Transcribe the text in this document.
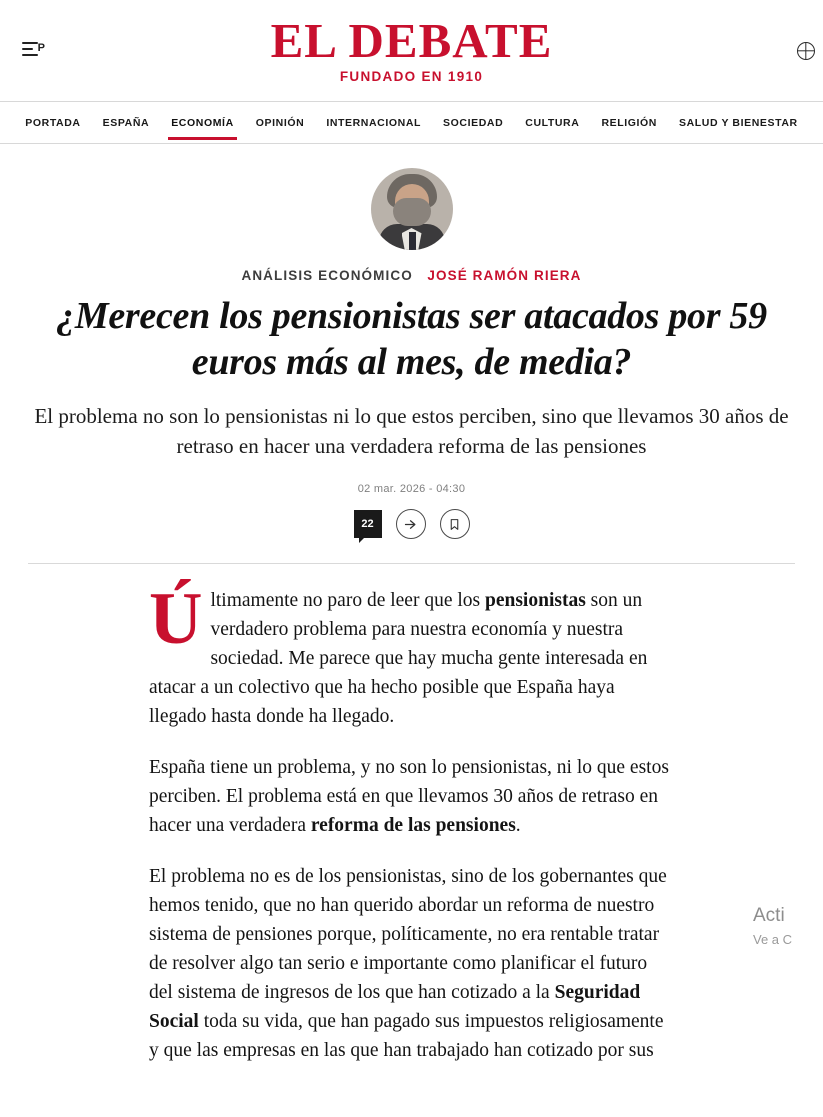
P	EL DEBATE
FUNDADO EN 1910
PORTADA	ESPAÑA	ECONOMÍA	OPINIÓN	INTERNACIONAL	SOCIEDAD	CULTURA	RELIGIÓN	SALUD Y BIENESTAR
ANÁLISIS ECONÓMICO JOSÉ RAMÓN RIERA
¿Merecen los pensionistas ser atacados por 59 euros más al mes, de media?
El problema no son lo pensionistas ni lo que estos perciben, sino que llevamos 30 años de retraso en hacer una verdadera reforma de las pensiones
02 mar. 2026 - 04:30
22

Últimamente no paro de leer que los pensionistas son un verdadero problema para nuestra economía y nuestra sociedad. Me parece que hay mucha gente interesada en atacar a un colectivo que ha hecho posible que España haya llegado hasta donde ha llegado.

España tiene un problema, y no son lo pensionistas, ni lo que estos perciben. El problema está en que llevamos 30 años de retraso en hacer una verdadera reforma de las pensiones.

El problema no es de los pensionistas, sino de los gobernantes que hemos tenido, que no han querido abordar un reforma de nuestro sistema de pensiones porque, políticamente, no era rentable tratar de resolver algo tan serio e importante como planificar el futuro del sistema de ingresos de los que han cotizado a la Seguridad Social toda su vida, que han pagado sus impuestos religiosamente y que las empresas en las que han trabajado han cotizado por sus

Acti
Ve a C
